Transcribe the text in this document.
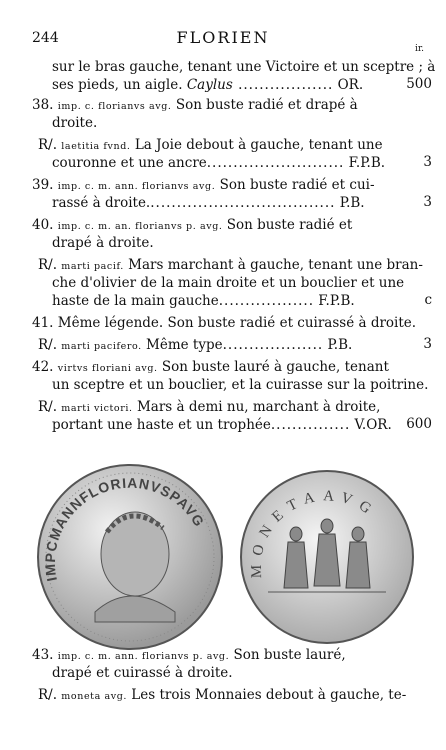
244	FLORIEN
ir.
sur le bras gauche, tenant une Victoire et un sceptre ; à
ses pieds, un aigle. Caylus .................. OR.	500
38. imp. c. florianvs avg. Son buste radié et drapé à
droite.
R/. laetitia fvnd. La Joie debout à gauche, tenant une
couronne et une ancre.......................... F.P.B.	3
39. imp. c. m. ann. florianvs avg. Son buste radié et cui-
rassé à droite.................................... P.B.	3
40. imp. c. m. an. florianvs p. avg. Son buste radié et
drapé à droite.
R/. marti pacif. Mars marchant à gauche, tenant une bran-
che d'olivier de la main droite et un bouclier et une
haste de la main gauche.................. F.P.B.	c
41. Même légende. Son buste radié et cuirassé à droite.
R/. marti pacifero. Même type................... P.B.	3
42. virtvs floriani avg. Son buste lauré à gauche, tenant
un sceptre et un bouclier, et la cuirasse sur la poitrine.
R/. marti victori. Mars à demi nu, marchant à droite,
portant une haste et un trophée............... V.OR. 600
43. imp. c. m. ann. florianvs p. avg. Son buste lauré,
drapé et cuirassé à droite.
R/. moneta avg. Les trois Monnaies debout à gauche, te-
IMPCMANNFLORIANVSPAVG
MONETAAVG
